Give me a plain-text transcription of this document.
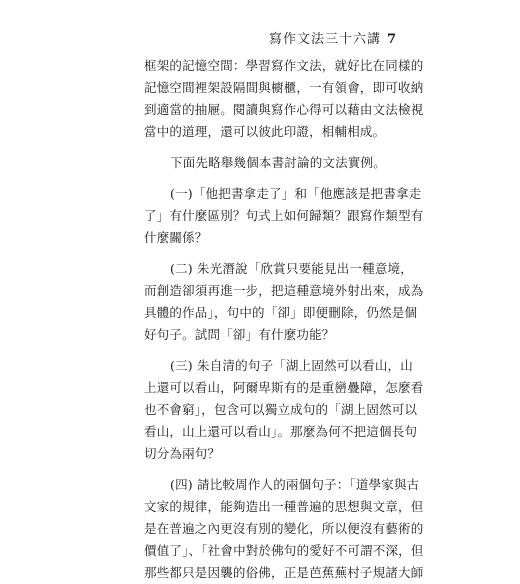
寫作文法三十六講 7
框架的記憶空間：學習寫作文法，就好比在同樣的
記憶空間裡架設隔間與櫥櫃，一有領會，即可收納
到適當的抽屜。閱讀與寫作心得可以藉由文法檢視
當中的道理，還可以彼此印證，相輔相成。
下面先略舉幾個本書討論的文法實例。
(一)「他把書拿走了」和「他應該是把書拿走
了」有什麼區別？句式上如何歸類？跟寫作類型有
什麼關係？
(二) 朱光潛說「欣賞只要能見出一種意境，
而創造卻須再進一步，把這種意境外射出來，成為
具體的作品」，句中的「卻」即便刪除，仍然是個
好句子。試問「卻」有什麼功能？
(三) 朱自清的句子「湖上固然可以看山，山
上還可以看山，阿爾卑斯有的是重巒疊障，怎麼看
也不會窮」，包含可以獨立成句的「湖上固然可以
看山，山上還可以看山」。那麼為何不把這個長句
切分為兩句？
(四) 請比較周作人的兩個句子：「道學家與古
文家的規律，能夠造出一種普遍的思想與文章，但
是在普遍之內更沒有別的變化，所以便沒有藝術的
價值了」、「社會中對於佛句的愛好不可謂不深，但
那些都只是因襲的俗佛，正是芭蕉蕪村子規諸大師
